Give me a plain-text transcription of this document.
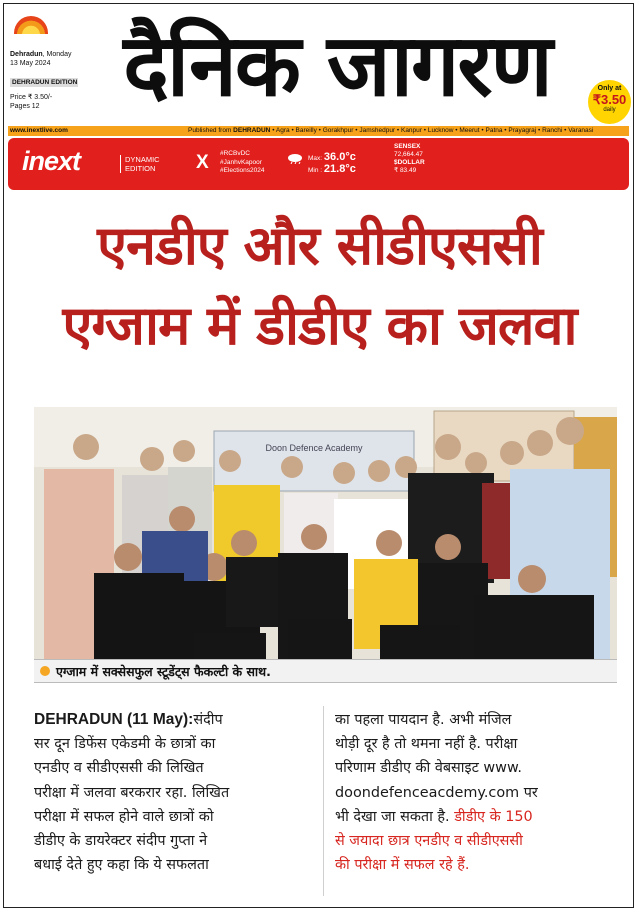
Dehradun, Monday
13 May 2024
DEHRADUN EDITION
Price ₹ 3.50/-
Pages 12 दैनिक जागरण	Only at
₹3.50
daily
www.inextlive.com	Published from DEHRADUN • Agra • Bareilly • Gorakhpur • Jamshedpur • Kanpur • Lucknow • Meerut • Patna • Prayagraj • Ranchi • Varanasi
inext	DYNAMIC
EDITION X #RCBvDC
#JanhvKapoor
#Elections2024
Max: 36.0°c
Min : 21.8°c
SENSEX
72,664.47
$DOLLAR
₹ 83.49
एनडीए और सीडीएससी
एग्जाम में डीडीए का जलवा
Doon Defence Academy
एग्जाम में सक्सेसफुल स्टूडेंट्स फैकल्टी के साथ.

DEHRADUN (11 May):संदीप

सर दून डिफेंस एकेडमी के छात्रों का

एनडीए व सीडीएससी की लिखित

परीक्षा में जलवा बरकरार रहा. लिखित

परीक्षा में सफल होने वाले छात्रों को

डीडीए के डायरेक्टर संदीप गुप्ता ने

बधाई देते हुए कहा कि ये सफलता

का पहला पायदान है. अभी मंजिल

थोड़ी दूर है तो थमना नहीं है. परीक्षा

परिणाम डीडीए की वेबसाइट www.

doondefenceacdemy.com पर

भी देखा जा सकता है. डीडीए के 150

से जयादा छात्र एनडीए व सीडीएससी

की परीक्षा में सफल रहे हैं.
